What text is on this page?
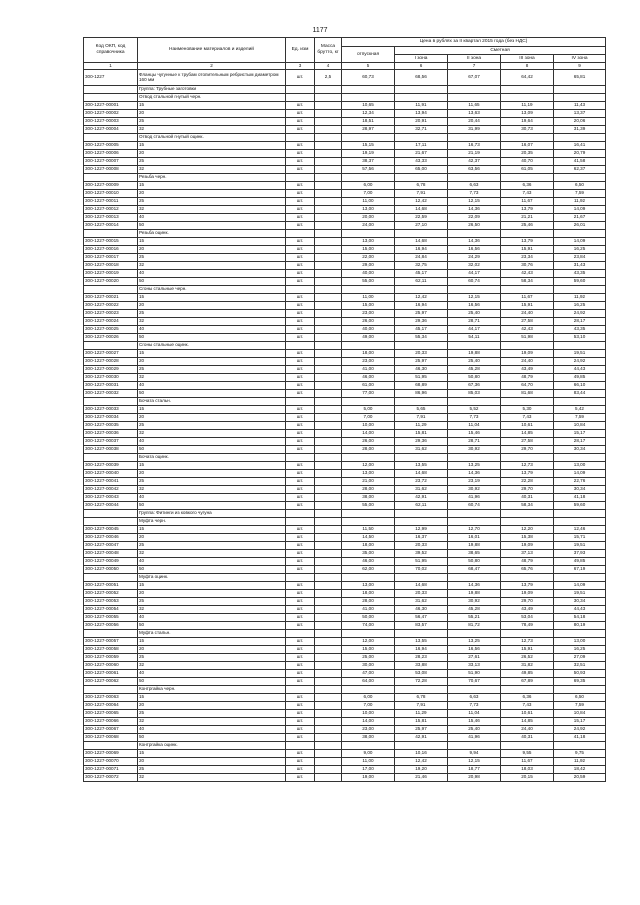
1177
Код ОКП, код справочника	Наименование материалов и изделий	Ед. изм	Масса брутто, кг	Цена в рублях за II квартал 2015 года (без НДС)				
				отпускная	Сметная			
					I зона	II зона	III зона	IV зона
1	2	3	4	5	6	7	8	9
300-1227	Фланцы чугунные к трубам отопительным ребристым диаметром 160 мм	шт.	2,5	60,73	68,56	67,07	64,42	65,81
	Группа: Трубные заготовки							
	Отвод стальной гнутый черн.							
300-1227-00001	15	шт.		10,65	11,91	11,65	11,19	11,43
300-1227-00002	20	шт.		12,34	13,94	13,63	13,09	13,37
300-1227-00003	25	шт.		18,51	20,91	20,44	19,64	20,06
300-1227-00004	32	шт.		28,97	32,71	31,99	30,73	31,39
	Отвод стальной гнутый оцинк.							
300-1227-00005	15	шт.		15,15	17,11	16,73	16,07	16,41
300-1227-00006	20	шт.		19,19	21,67	21,19	20,35	20,79
300-1227-00007	25	шт.		38,37	43,33	42,37	40,70	41,58
300-1227-00008	32	шт.		57,56	65,00	63,56	61,05	62,37
	Резьба черн.							
300-1227-00009	15	шт.		6,00	6,78	6,63	6,36	6,50
300-1227-00010	20	шт.		7,00	7,91	7,73	7,43	7,59
300-1227-00011	25	шт.		11,00	12,42	12,15	11,67	11,92
300-1227-00012	32	шт.		13,00	14,68	14,36	13,79	14,09
300-1227-00013	40	шт.		20,00	22,59	22,09	21,21	21,67
300-1227-00014	50	шт.		24,00	27,10	26,50	25,46	26,01
	Резьба оцинк.							
300-1227-00015	15	шт.		13,00	14,68	14,36	13,79	14,09
300-1227-00016	20	шт.		15,00	16,94	16,56	15,91	16,25
300-1227-00017	25	шт.		22,00	24,84	24,29	23,34	23,84
300-1227-00018	32	шт.		29,00	32,75	32,02	30,76	31,43
300-1227-00019	40	шт.		40,00	45,17	44,17	42,43	43,35
300-1227-00020	50	шт.		55,00	62,11	60,74	58,34	59,60
	Сгоны стальные черн.							
300-1227-00021	15	шт.		11,00	12,42	12,15	11,67	11,92
300-1227-00022	20	шт.		15,00	16,94	16,56	15,91	16,25
300-1227-00023	25	шт.		23,00	25,97	25,40	24,40	24,92
300-1227-00024	32	шт.		26,00	29,36	28,71	27,58	28,17
300-1227-00025	40	шт.		40,00	45,17	44,17	42,43	43,35
300-1227-00026	50	шт.		49,00	55,34	54,11	51,98	53,10
	Сгоны стальные оцинк.							
300-1227-00027	15	шт.		18,00	20,33	19,88	19,09	19,51
300-1227-00028	20	шт.		23,00	25,97	25,40	24,40	24,92
300-1227-00029	25	шт.		41,00	46,30	45,28	43,49	44,43
300-1227-00030	32	шт.		46,00	51,95	50,80	48,79	49,85
300-1227-00031	40	шт.		61,00	68,89	67,36	64,70	66,10
300-1227-00032	50	шт.		77,00	86,96	85,03	81,68	83,44
	Бочата стальн.							
300-1227-00033	15	шт.		5,00	5,65	5,52	5,30	5,42
300-1227-00034	20	шт.		7,00	7,91	7,73	7,43	7,59
300-1227-00035	25	шт.		10,00	11,29	11,04	10,61	10,84
300-1227-00036	32	шт.		14,00	15,81	15,46	14,85	15,17
300-1227-00037	40	шт.		26,00	29,36	28,71	27,58	28,17
300-1227-00038	50	шт.		28,00	31,62	30,92	29,70	30,34
	Бочата оцинк.							
300-1227-00039	15	шт.		12,00	13,55	13,25	12,73	13,00
300-1227-00040	20	шт.		13,00	14,68	14,36	13,79	14,09
300-1227-00041	25	шт.		21,00	23,72	23,19	22,28	22,76
300-1227-00042	32	шт.		28,00	31,62	30,92	29,70	30,34
300-1227-00043	40	шт.		38,00	42,91	41,96	40,31	41,18
300-1227-00044	50	шт.		55,00	62,11	60,74	58,34	59,60
	Группа: Фитинги из ковкого чугуна							
	Муфта черн.							
300-1227-00045	15	шт.		11,50	12,99	12,70	12,20	12,46
300-1227-00046	20	шт.		14,50	16,37	16,01	15,38	15,71
300-1227-00047	25	шт.		18,00	20,33	19,88	19,09	19,51
300-1227-00048	32	шт.		35,00	39,52	38,65	37,13	37,93
300-1227-00049	40	шт.		46,00	51,95	50,80	48,79	49,85
300-1227-00050	50	шт.		62,00	70,02	68,47	65,76	67,19
	Муфта оцинк.							
300-1227-00051	15	шт.		13,00	14,68	14,36	13,79	14,09
300-1227-00052	20	шт.		18,00	20,33	19,88	19,09	19,51
300-1227-00053	25	шт.		28,00	31,62	30,92	29,70	30,34
300-1227-00054	32	шт.		41,00	46,30	45,28	43,49	44,43
300-1227-00055	40	шт.		50,00	56,47	55,21	53,04	54,18
300-1227-00056	50	шт.		74,00	83,57	81,72	78,49	80,19
	Муфта стальн.							
300-1227-00057	15	шт.		12,00	13,55	13,25	12,73	13,00
300-1227-00058	20	шт.		15,00	16,94	16,56	15,91	16,25
300-1227-00059	25	шт.		25,00	28,23	27,61	26,52	27,09
300-1227-00060	32	шт.		30,00	33,88	33,13	31,82	32,51
300-1227-00061	40	шт.		47,00	53,08	51,90	49,85	50,93
300-1227-00062	50	шт.		64,00	72,28	70,67	67,89	69,35
	Контргайка черн.							
300-1227-00063	15	шт.		6,00	6,78	6,63	6,36	6,50
300-1227-00064	20	шт.		7,00	7,91	7,73	7,43	7,59
300-1227-00065	25	шт.		10,00	11,29	11,04	10,61	10,84
300-1227-00066	32	шт.		14,00	15,81	15,46	14,85	15,17
300-1227-00067	40	шт.		23,00	25,97	25,40	24,40	24,92
300-1227-00068	50	шт.		38,00	42,91	41,96	40,31	41,18
	Контргайка оцинк.							
300-1227-00069	15	шт.		9,00	10,16	9,94	9,55	9,75
300-1227-00070	20	шт.		11,00	12,42	12,15	11,67	11,92
300-1227-00071	25	шт.		17,00	19,20	18,77	18,03	18,42
300-1227-00072	32	шт.		19,00	21,46	20,98	20,15	20,59
